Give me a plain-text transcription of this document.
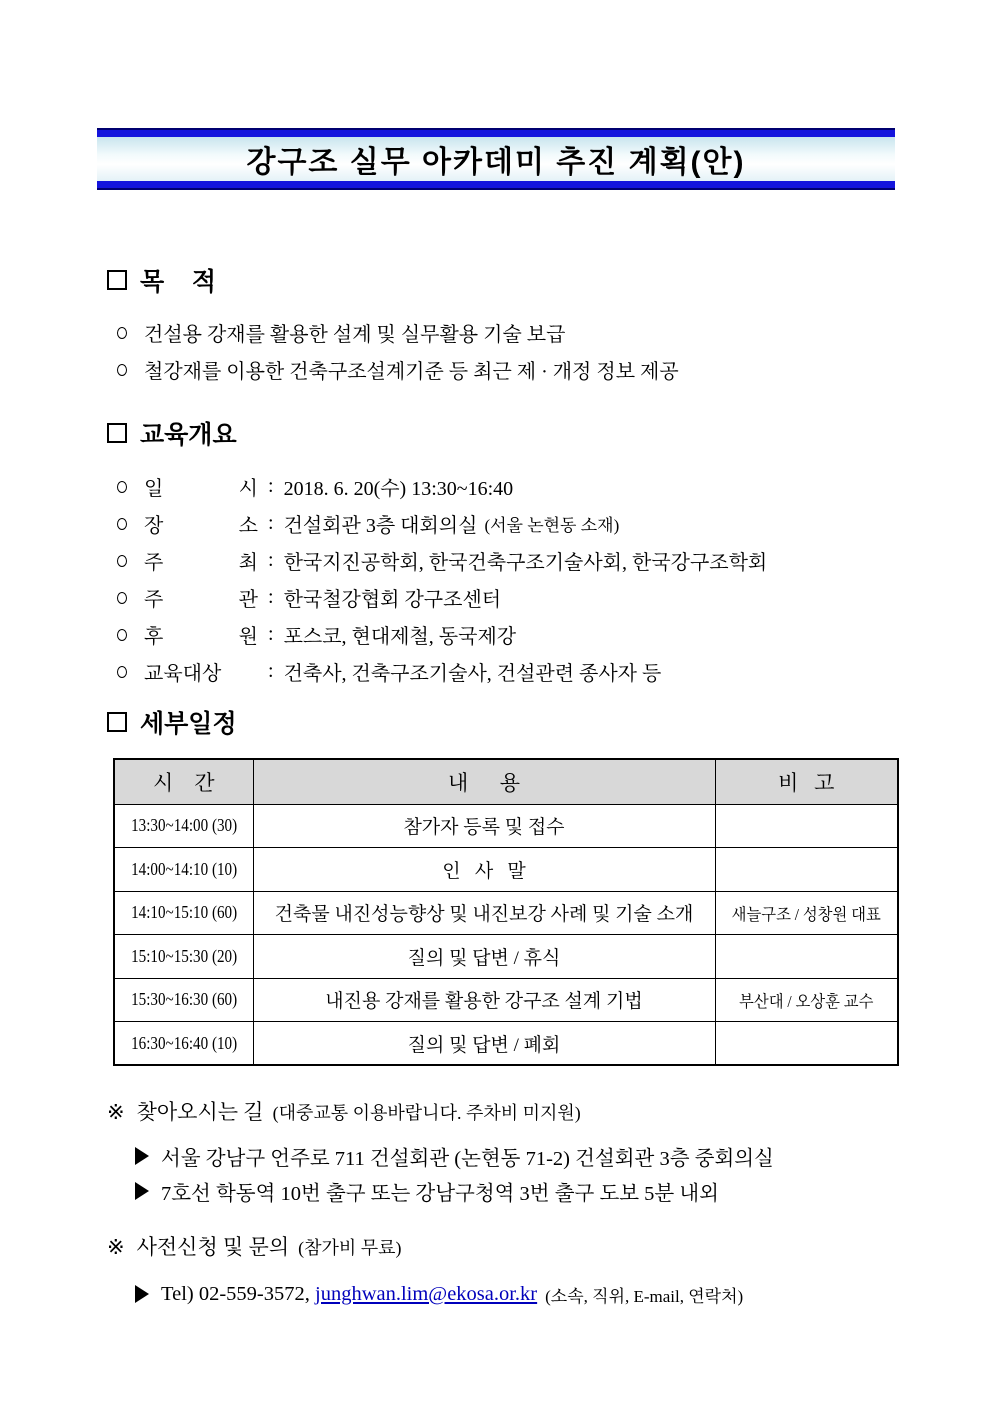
강구조 실무 아카데미 추진 계획(안)
목    적
건설용 강재를 활용한 설계 및 실무활용 기술 보급
철강재를 이용한 건축구조설계기준 등 최근 제 · 개정 정보 제공
교육개요
일 시 : 2018. 6. 20(수) 13:30~16:40
장 소 : 건설회관 3층 대회의실 (서울 논현동 소재)
주 최 : 한국지진공학회, 한국건축구조기술사회, 한국강구조학회
주 관 : 한국철강협회 강구조센터
후 원 : 포스코, 현대제철, 동국제강
교육대상	: 건축사, 건축구조기술사, 건설관련 종사자 등
세부일정
시    간	내      용	비   고
13:30~14:00 (30)	참가자 등록 및 접수	
14:00~14:10 (10)	인   사   말	
14:10~15:10 (60)	건축물 내진성능향상 및 내진보강 사례 및 기술 소개	새늘구조 / 성창원 대표
15:10~15:30 (20)	질의 및 답변 / 휴식	
15:30~16:30 (60)	내진용 강재를 활용한 강구조 설계 기법	부산대 / 오상훈 교수
16:30~16:40 (10)	질의 및 답변 / 폐회	
※ 찾아오시는 길 (대중교통 이용바랍니다. 주차비 미지원)
서울 강남구 언주로 711 건설회관 (논현동 71-2) 건설회관 3층 중회의실
7호선 학동역 10번 출구 또는 강남구청역 3번 출구 도보 5분 내외
※ 사전신청 및 문의 (참가비 무료)
Tel) 02-559-3572, junghwan.lim@ekosa.or.kr (소속, 직위, E-mail, 연락처)
